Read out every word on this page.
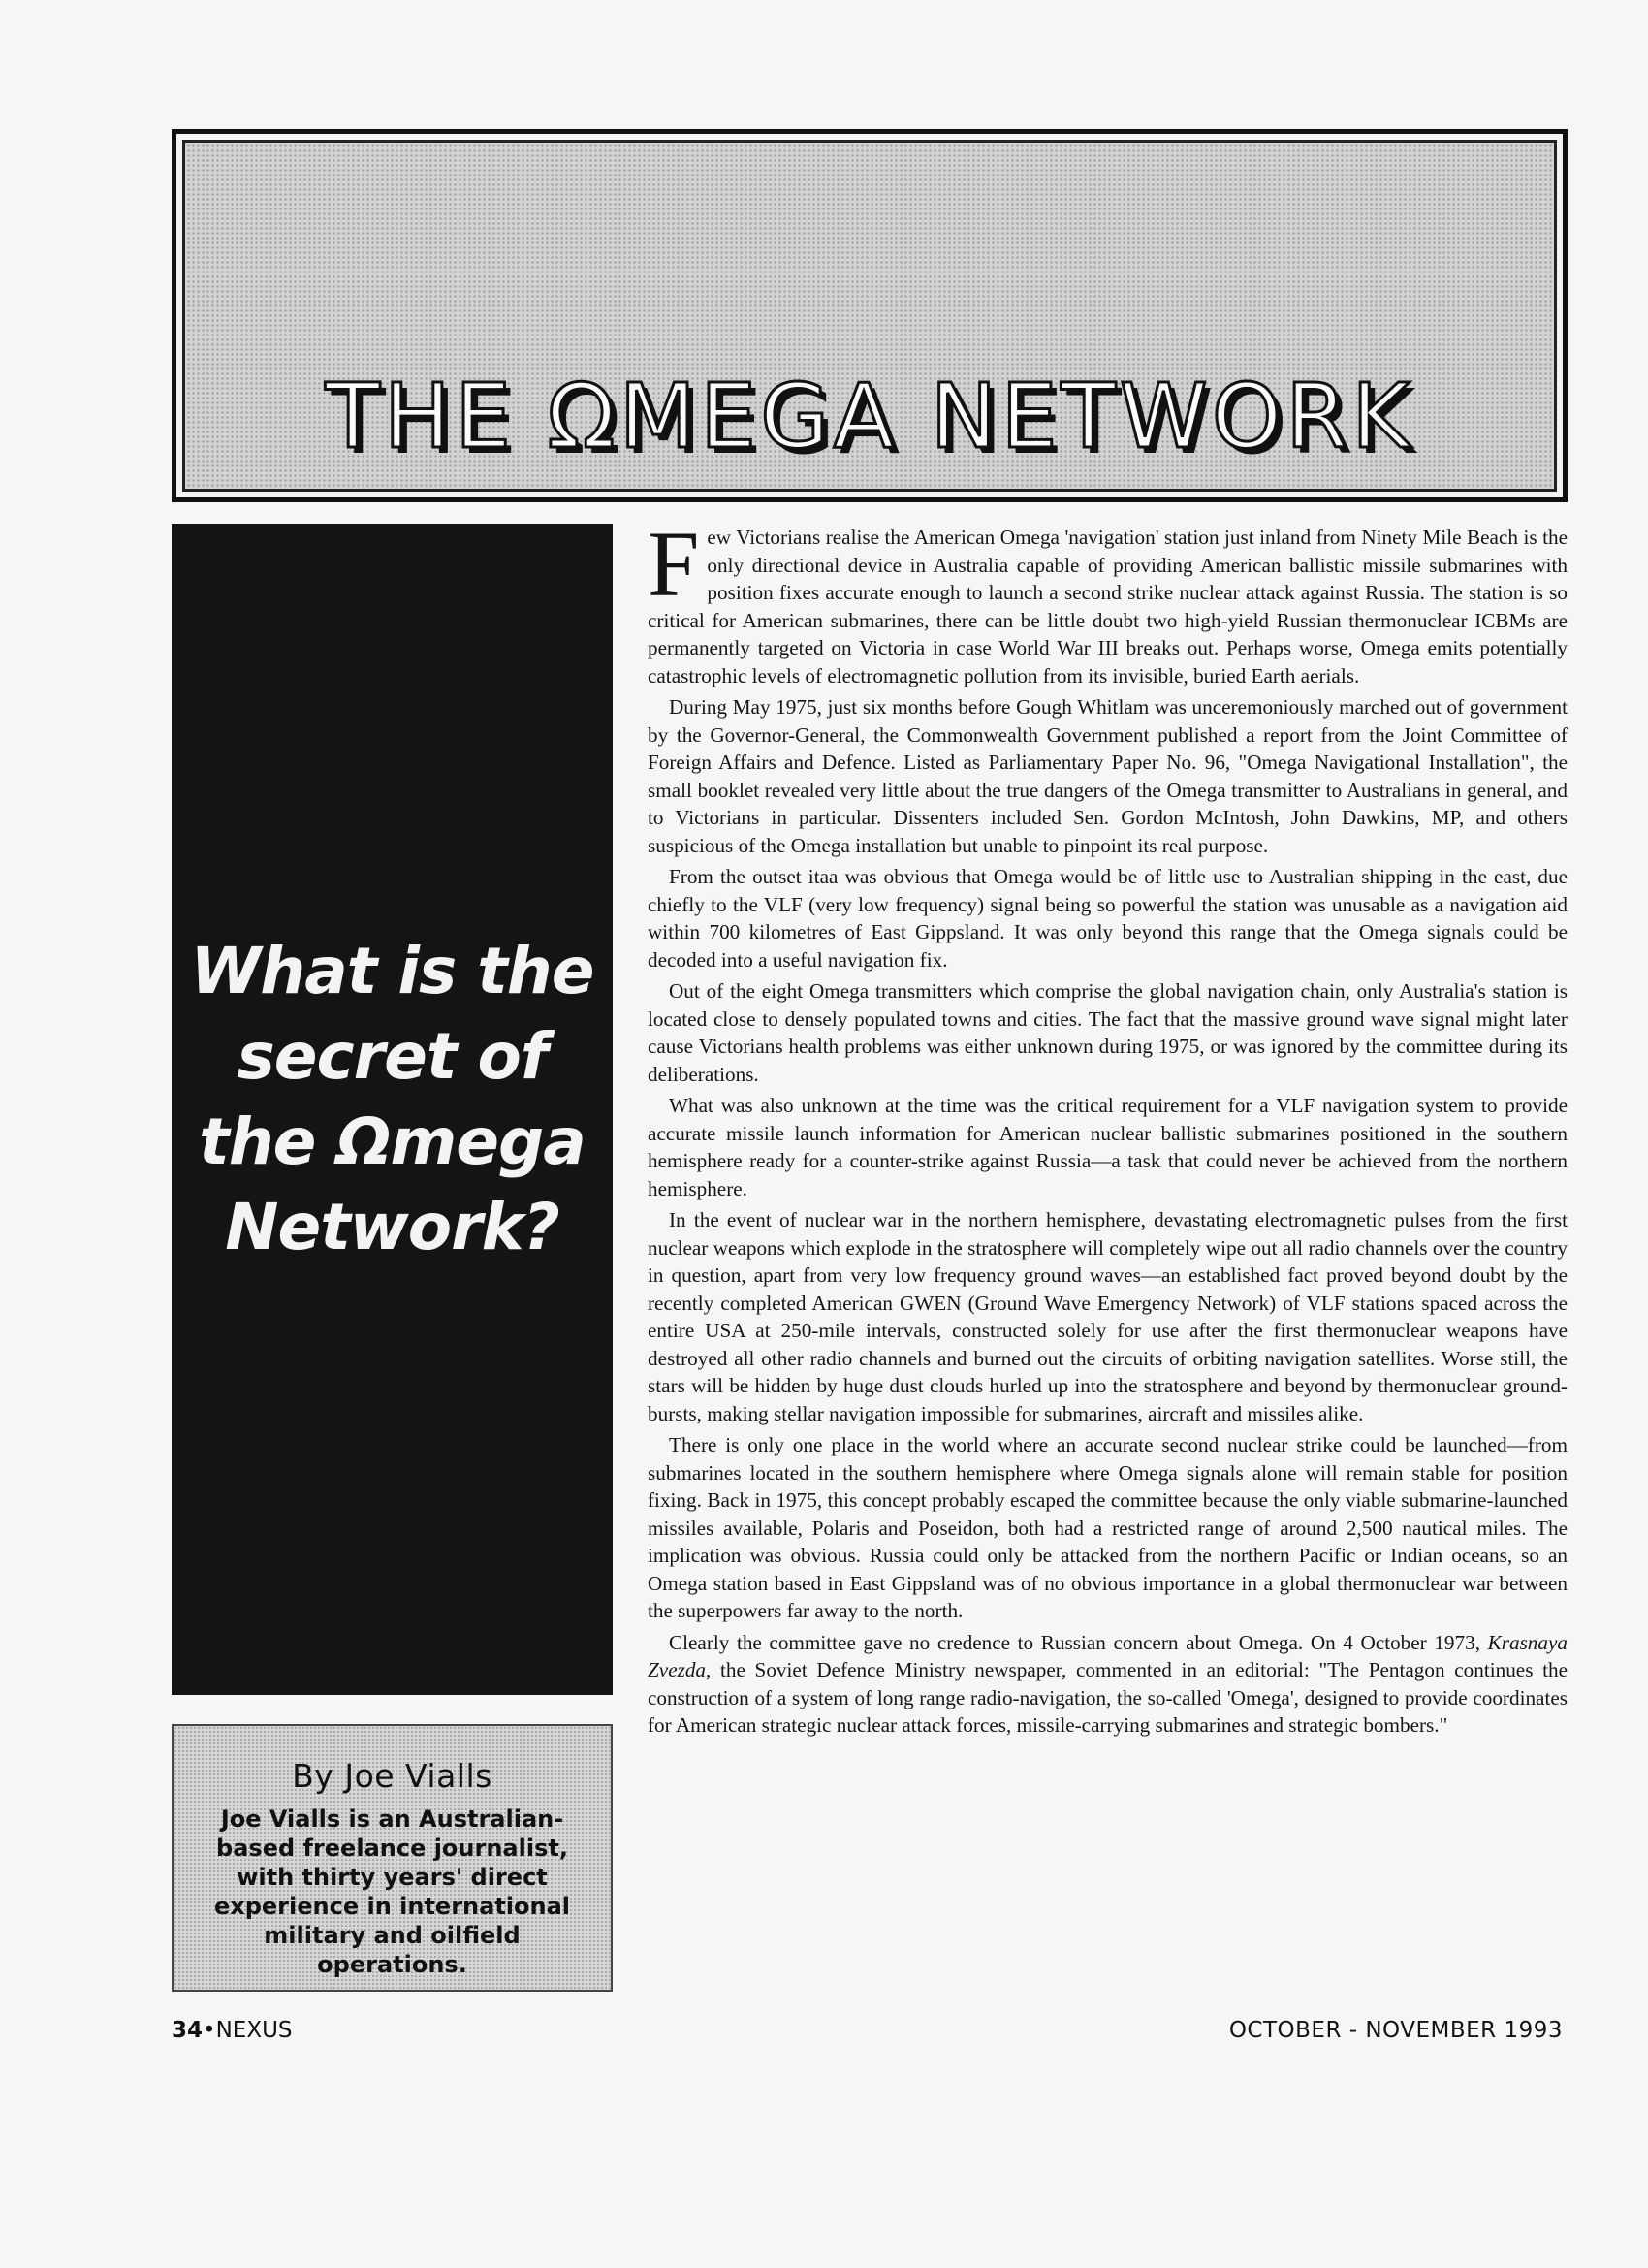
THE ΩMEGA NETWORK
What is the
secret of
the Ωmega
Network?
By Joe Vialls
Joe Vialls is an Australian-based freelance journalist, with thirty years' direct experience in international military and oilfield operations.

Few Victorians realise the American Omega 'navigation' station just inland from Ninety Mile Beach is the only directional device in Australia capable of providing American ballistic missile submarines with position fixes accurate enough to launch a second strike nuclear attack against Russia. The station is so critical for American submarines, there can be little doubt two high-yield Russian thermonuclear ICBMs are permanently targeted on Victoria in case World War III breaks out. Perhaps worse, Omega emits potentially catastrophic levels of electromagnetic pollution from its invisible, buried Earth aerials.

During May 1975, just six months before Gough Whitlam was unceremoniously marched out of government by the Governor-General, the Commonwealth Government published a report from the Joint Committee of Foreign Affairs and Defence. Listed as Parliamentary Paper No. 96, "Omega Navigational Installation", the small booklet revealed very little about the true dangers of the Omega transmitter to Australians in general, and to Victorians in particular. Dissenters included Sen. Gordon McIntosh, John Dawkins, MP, and others suspicious of the Omega installation but unable to pinpoint its real purpose.

From the outset itaa was obvious that Omega would be of little use to Australian shipping in the east, due chiefly to the VLF (very low frequency) signal being so powerful the station was unusable as a navigation aid within 700 kilometres of East Gippsland. It was only beyond this range that the Omega signals could be decoded into a useful navigation fix.

Out of the eight Omega transmitters which comprise the global navigation chain, only Australia's station is located close to densely populated towns and cities. The fact that the massive ground wave signal might later cause Victorians health problems was either unknown during 1975, or was ignored by the committee during its deliberations.

What was also unknown at the time was the critical requirement for a VLF navigation system to provide accurate missile launch information for American nuclear ballistic submarines positioned in the southern hemisphere ready for a counter-strike against Russia—a task that could never be achieved from the northern hemisphere.

In the event of nuclear war in the northern hemisphere, devastating electromagnetic pulses from the first nuclear weapons which explode in the stratosphere will completely wipe out all radio channels over the country in question, apart from very low frequency ground waves—an established fact proved beyond doubt by the recently completed American GWEN (Ground Wave Emergency Network) of VLF stations spaced across the entire USA at 250-mile intervals, constructed solely for use after the first thermonuclear weapons have destroyed all other radio channels and burned out the circuits of orbiting navigation satellites. Worse still, the stars will be hidden by huge dust clouds hurled up into the stratosphere and beyond by thermonuclear ground-bursts, making stellar navigation impossible for submarines, aircraft and missiles alike.

There is only one place in the world where an accurate second nuclear strike could be launched—from submarines located in the southern hemisphere where Omega signals alone will remain stable for position fixing. Back in 1975, this concept probably escaped the committee because the only viable submarine-launched missiles available, Polaris and Poseidon, both had a restricted range of around 2,500 nautical miles. The implication was obvious. Russia could only be attacked from the northern Pacific or Indian oceans, so an Omega station based in East Gippsland was of no obvious importance in a global thermonuclear war between the superpowers far away to the north.

Clearly the committee gave no credence to Russian concern about Omega. On 4 October 1973, Krasnaya Zvezda, the Soviet Defence Ministry newspaper, commented in an editorial: "The Pentagon continues the construction of a system of long range radio-navigation, the so-called 'Omega', designed to provide coordinates for American strategic nuclear attack forces, missile-carrying submarines and strategic bombers."

34•NEXUS	OCTOBER - NOVEMBER 1993
